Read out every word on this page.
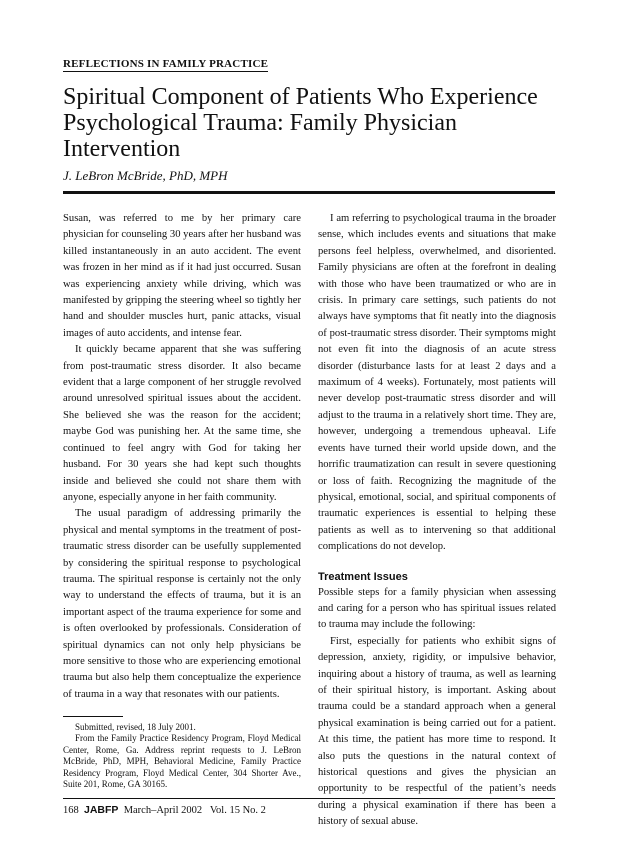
REFLECTIONS IN FAMILY PRACTICE
Spiritual Component of Patients Who Experience Psychological Trauma: Family Physician Intervention
J. LeBron McBride, PhD, MPH

Susan, was referred to me by her primary care physician for counseling 30 years after her husband was killed instantaneously in an auto accident. The event was frozen in her mind as if it had just occurred. Susan was experiencing anxiety while driving, which was manifested by gripping the steering wheel so tightly her hand and shoulder muscles hurt, panic attacks, visual images of auto accidents, and intense fear.

It quickly became apparent that she was suffering from post-traumatic stress disorder. It also became evident that a large component of her struggle revolved around unresolved spiritual issues about the accident. She believed she was the reason for the accident; maybe God was punishing her. At the same time, she continued to feel angry with God for taking her husband. For 30 years she had kept such thoughts inside and believed she could not share them with anyone, especially anyone in her faith community.

The usual paradigm of addressing primarily the physical and mental symptoms in the treatment of post-traumatic stress disorder can be usefully supplemented by considering the spiritual response to psychological trauma. The spiritual response is certainly not the only way to understand the effects of trauma, but it is an important aspect of the trauma experience for some and is often overlooked by professionals. Consideration of spiritual dynamics can not only help physicians be more sensitive to those who are experiencing emotional trauma but also help them conceptualize the experience of trauma in a way that resonates with our patients.

I am referring to psychological trauma in the broader sense, which includes events and situations that make persons feel helpless, overwhelmed, and disoriented. Family physicians are often at the forefront in dealing with those who have been traumatized or who are in crisis. In primary care settings, such patients do not always have symptoms that fit neatly into the diagnosis of post-traumatic stress disorder. Their symptoms might not even fit into the diagnosis of an acute stress disorder (disturbance lasts for at least 2 days and a maximum of 4 weeks). Fortunately, most patients will never develop post-traumatic stress disorder and will adjust to the trauma in a relatively short time. They are, however, undergoing a tremendous upheaval. Life events have turned their world upside down, and the horrific traumatization can result in severe questioning or loss of faith. Recognizing the magnitude of the physical, emotional, social, and spiritual components of traumatic experiences is essential to helping these patients as well as to intervening so that additional complications do not develop.

Treatment Issues

Possible steps for a family physician when assessing and caring for a person who has spiritual issues related to trauma may include the following:

First, especially for patients who exhibit signs of depression, anxiety, rigidity, or impulsive behavior, inquiring about a history of trauma, as well as learning of their spiritual history, is important. Asking about trauma could be a standard approach when a general physical examination is being carried out for a patient. At this time, the patient has more time to respond. It also puts the questions in the natural context of historical questions and gives the physician an opportunity to be respectful of the patient’s needs during a physical examination if there has been a history of sexual abuse.

Submitted, revised, 18 July 2001.

From the Family Practice Residency Program, Floyd Medical Center, Rome, Ga. Address reprint requests to J. LeBron McBride, PhD, MPH, Behavioral Medicine, Family Practice Residency Program, Floyd Medical Center, 304 Shorter Ave., Suite 201, Rome, GA 30165.

168 JABFP March–April 2002   Vol. 15 No. 2
